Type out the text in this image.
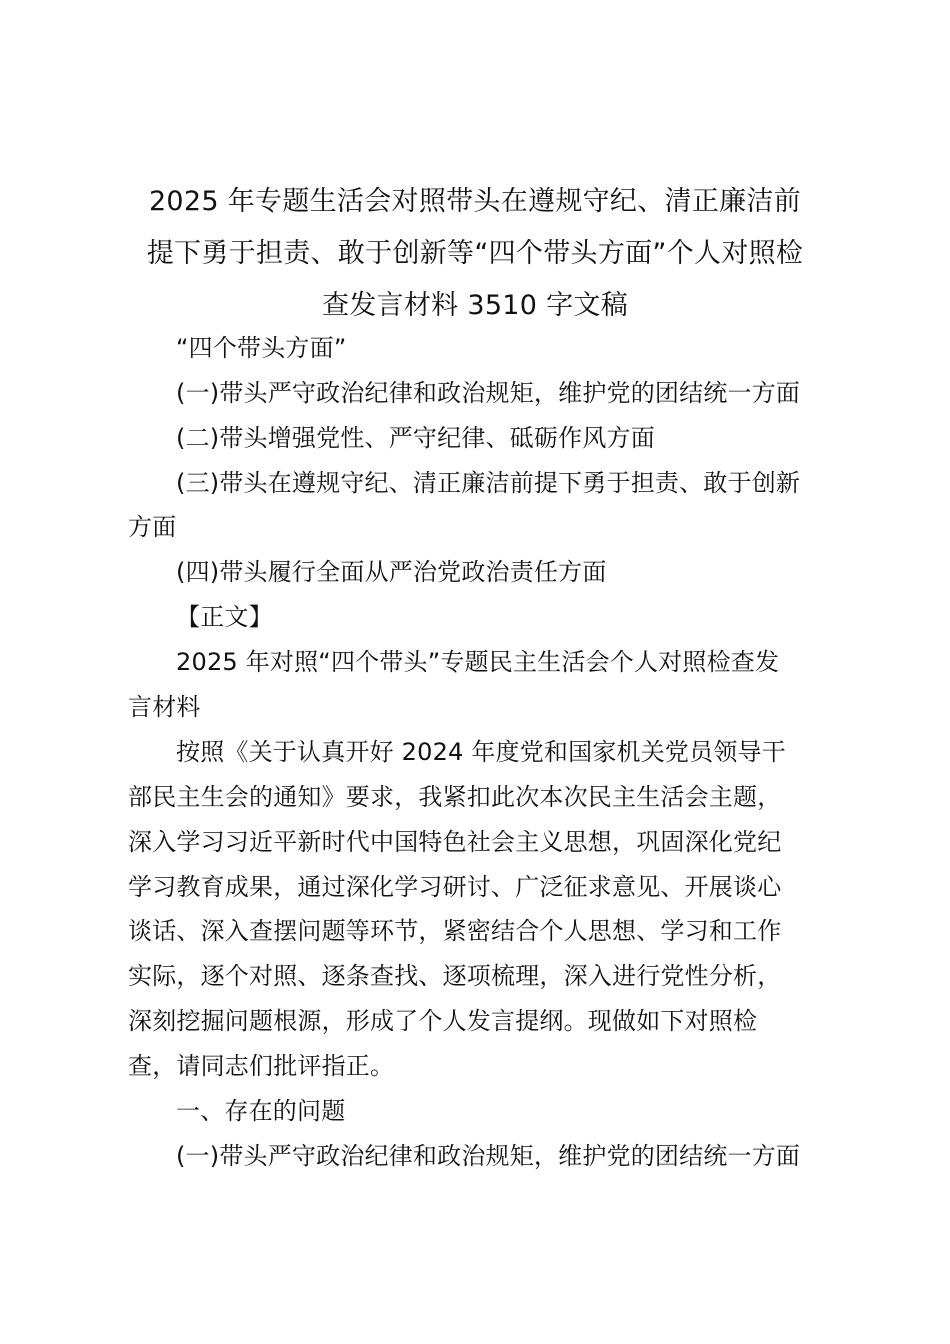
2025 年专题生活会对照带头在遵规守纪、清正廉洁前
提下勇于担责、敢于创新等“四个带头方面”个人对照检
查发言材料 3510 字文稿
“四个带头方面”
(一)带头严守政治纪律和政治规矩，维护党的团结统一方面
(二)带头增强党性、严守纪律、砥砺作风方面
(三)带头在遵规守纪、清正廉洁前提下勇于担责、敢于创新
方面
(四)带头履行全面从严治党政治责任方面
【正文】
2025 年对照“四个带头”专题民主生活会个人对照检查发
言材料
按照《关于认真开好 2024 年度党和国家机关党员领导干
部民主生会的通知》要求，我紧扣此次本次民主生活会主题，
深入学习习近平新时代中国特色社会主义思想，巩固深化党纪
学习教育成果，通过深化学习研讨、广泛征求意见、开展谈心
谈话、深入查摆问题等环节，紧密结合个人思想、学习和工作
实际，逐个对照、逐条查找、逐项梳理，深入进行党性分析，
深刻挖掘问题根源，形成了个人发言提纲。现做如下对照检
查，请同志们批评指正。
一、存在的问题
(一)带头严守政治纪律和政治规矩，维护党的团结统一方面
